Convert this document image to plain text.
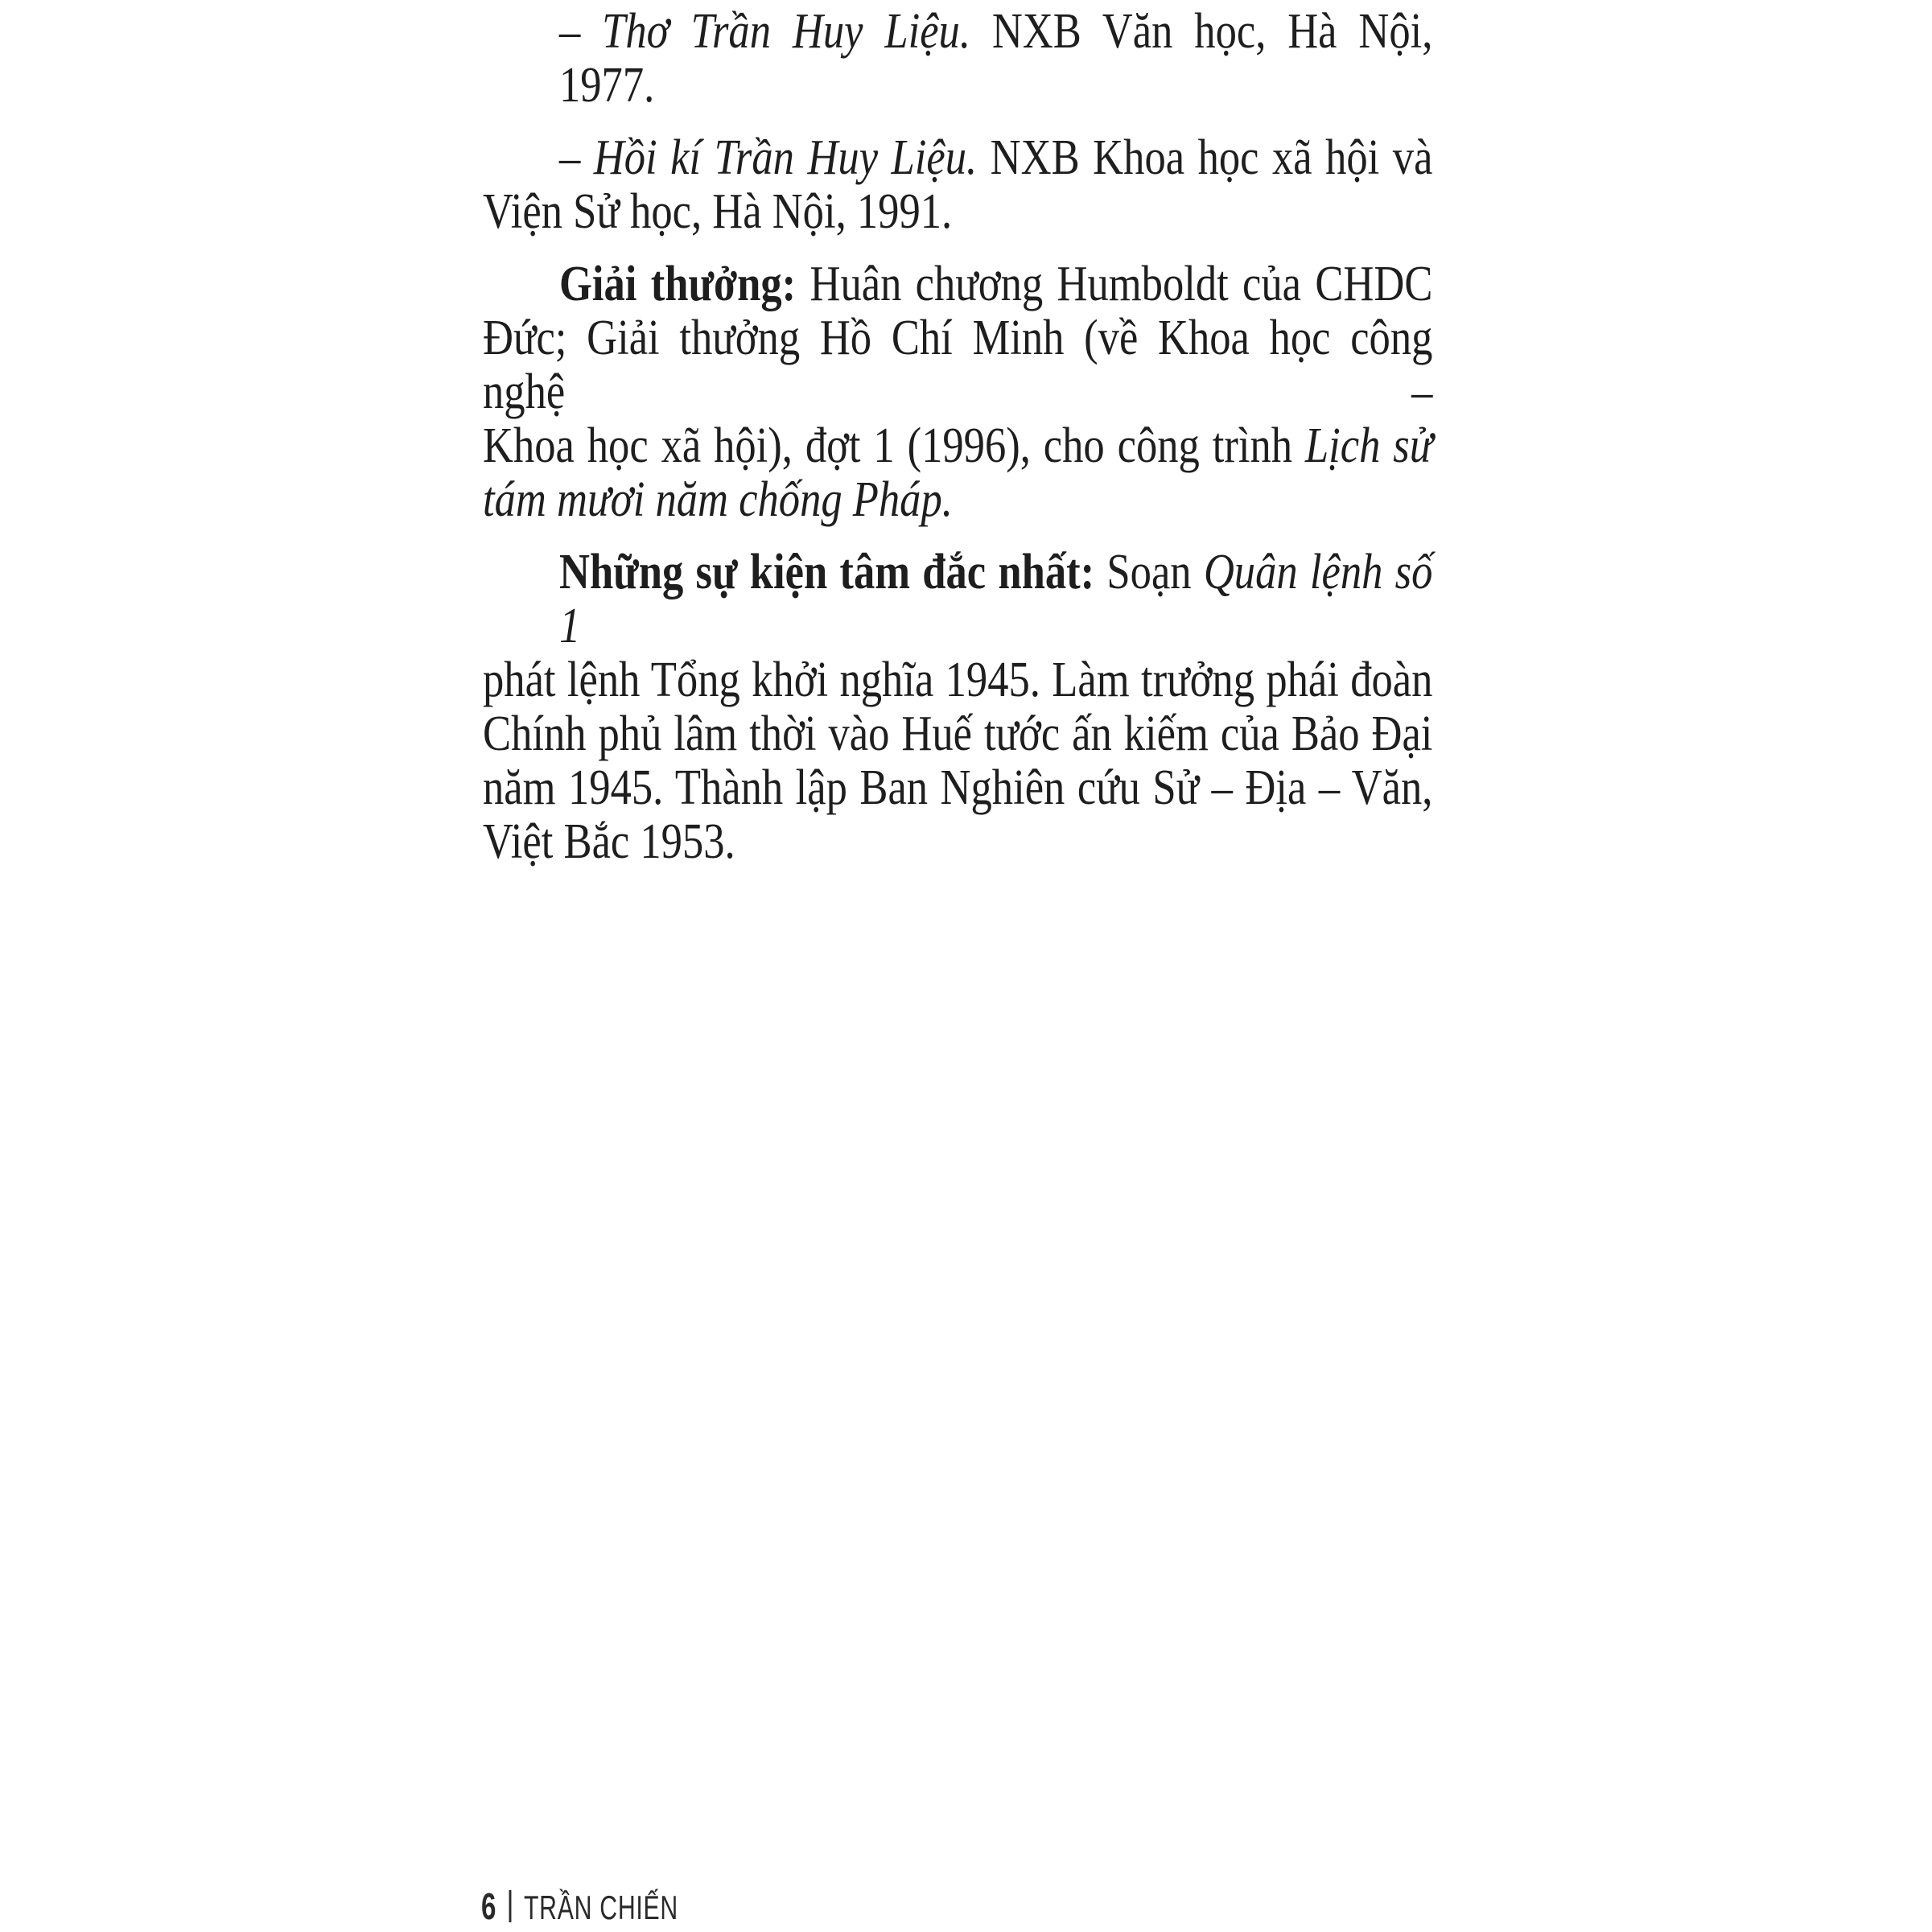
– Thơ Trần Huy Liệu. NXB Văn học, Hà Nội, 1977.
– Hồi kí Trần Huy Liệu. NXB Khoa học xã hội và
Viện Sử học, Hà Nội, 1991.
Giải thưởng: Huân chương Humboldt của CHDC
Đức; Giải thưởng Hồ Chí Minh (về Khoa học công nghệ –
Khoa học xã hội), đợt 1 (1996), cho công trình Lịch sử
tám mươi năm chống Pháp.
Những sự kiện tâm đắc nhất: Soạn Quân lệnh số 1
phát lệnh Tổng khởi nghĩa 1945. Làm trưởng phái đoàn
Chính phủ lâm thời vào Huế tước ấn kiếm của Bảo Đại
năm 1945. Thành lập Ban Nghiên cứu Sử – Địa – Văn,
Việt Bắc 1953.
6 TRẦN CHIẾN
